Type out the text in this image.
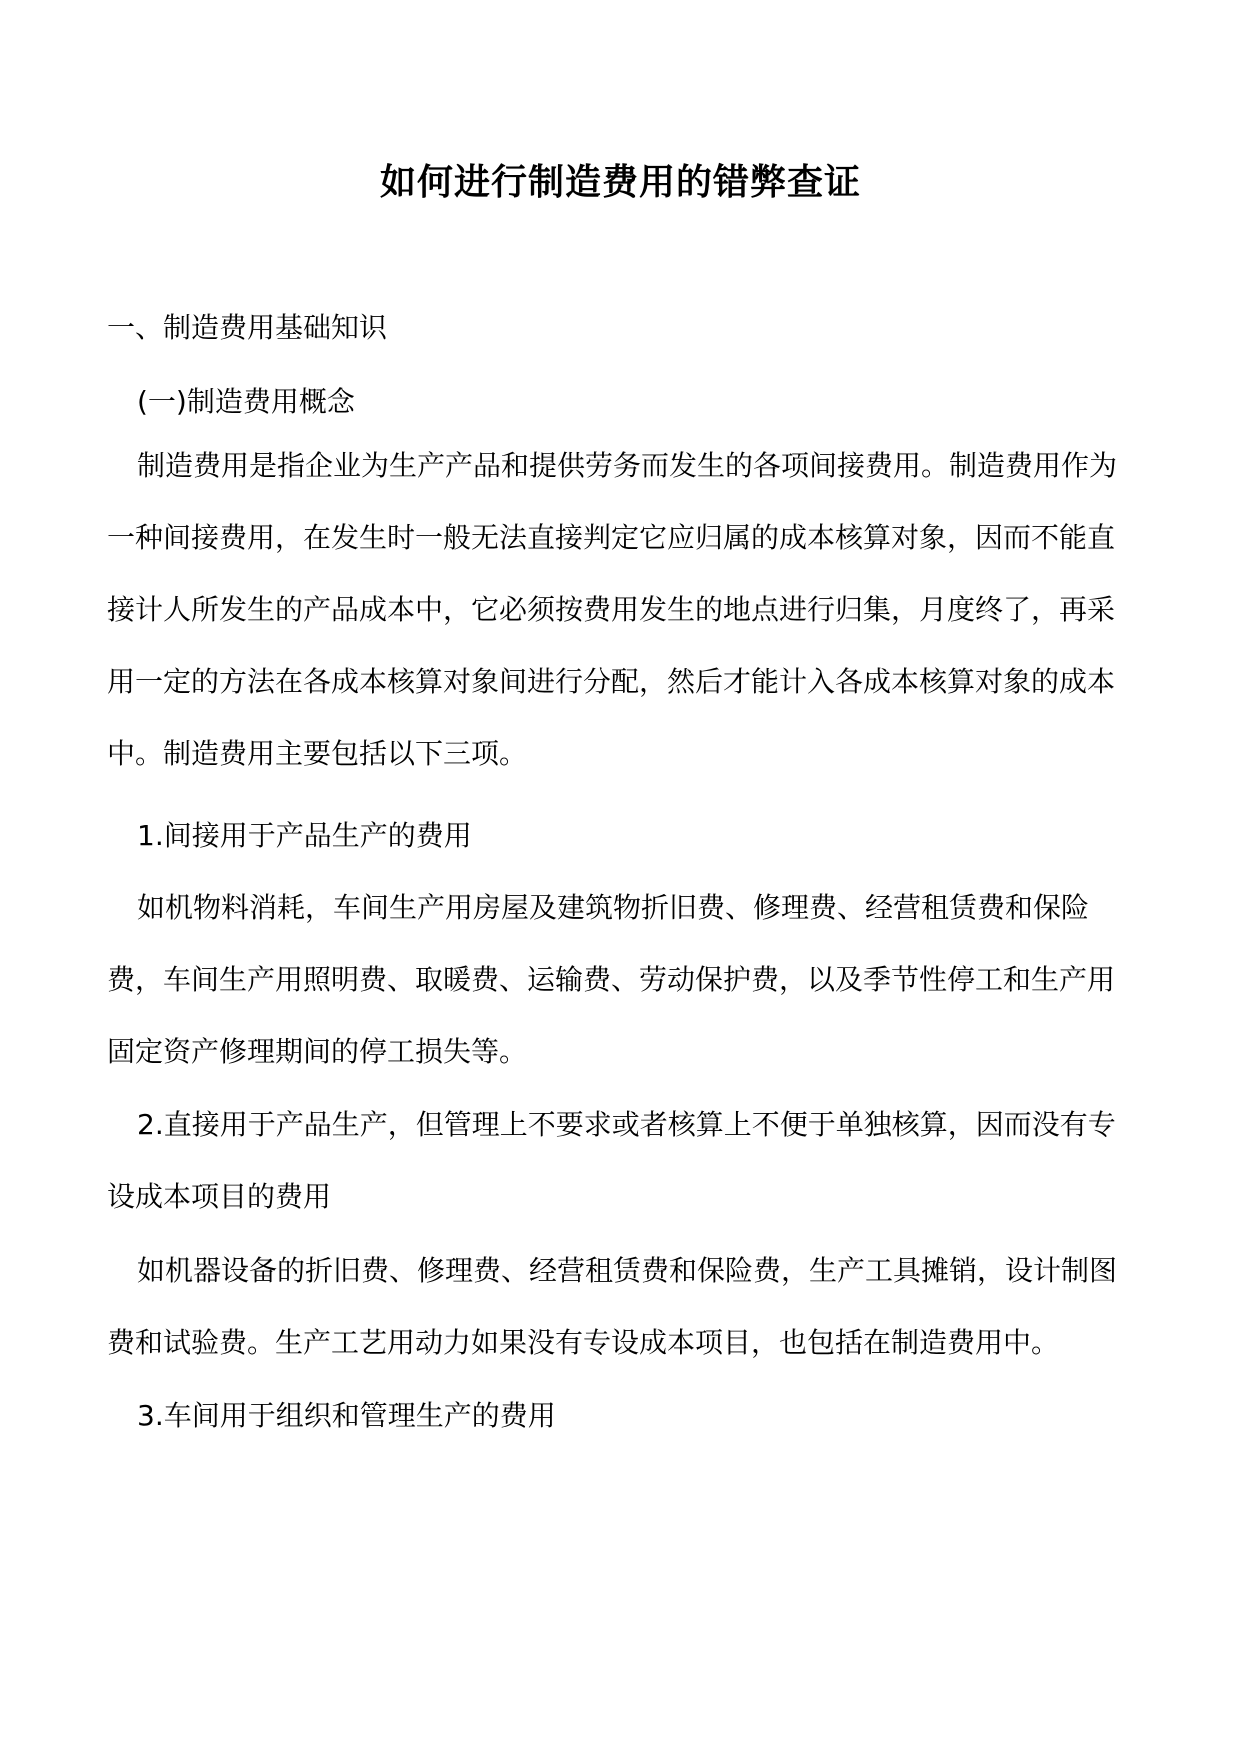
如何进行制造费用的错弊查证

一、制造费用基础知识

(一)制造费用概念

制造费用是指企业为生产产品和提供劳务而发生的各项间接费用。制造费用作为一种间接费用，在发生时一般无法直接判定它应归属的成本核算对象，因而不能直接计人所发生的产品成本中，它必须按费用发生的地点进行归集，月度终了，再采用一定的方法在各成本核算对象间进行分配，然后才能计入各成本核算对象的成本中。制造费用主要包括以下三项。

1.间接用于产品生产的费用

如机物料消耗，车间生产用房屋及建筑物折旧费、修理费、经营租赁费和保险费，车间生产用照明费、取暖费、运输费、劳动保护费，以及季节性停工和生产用固定资产修理期间的停工损失等。

2.直接用于产品生产，但管理上不要求或者核算上不便于单独核算，因而没有专设成本项目的费用

如机器设备的折旧费、修理费、经营租赁费和保险费，生产工具摊销，设计制图费和试验费。生产工艺用动力如果没有专设成本项目，也包括在制造费用中。

3.车间用于组织和管理生产的费用
